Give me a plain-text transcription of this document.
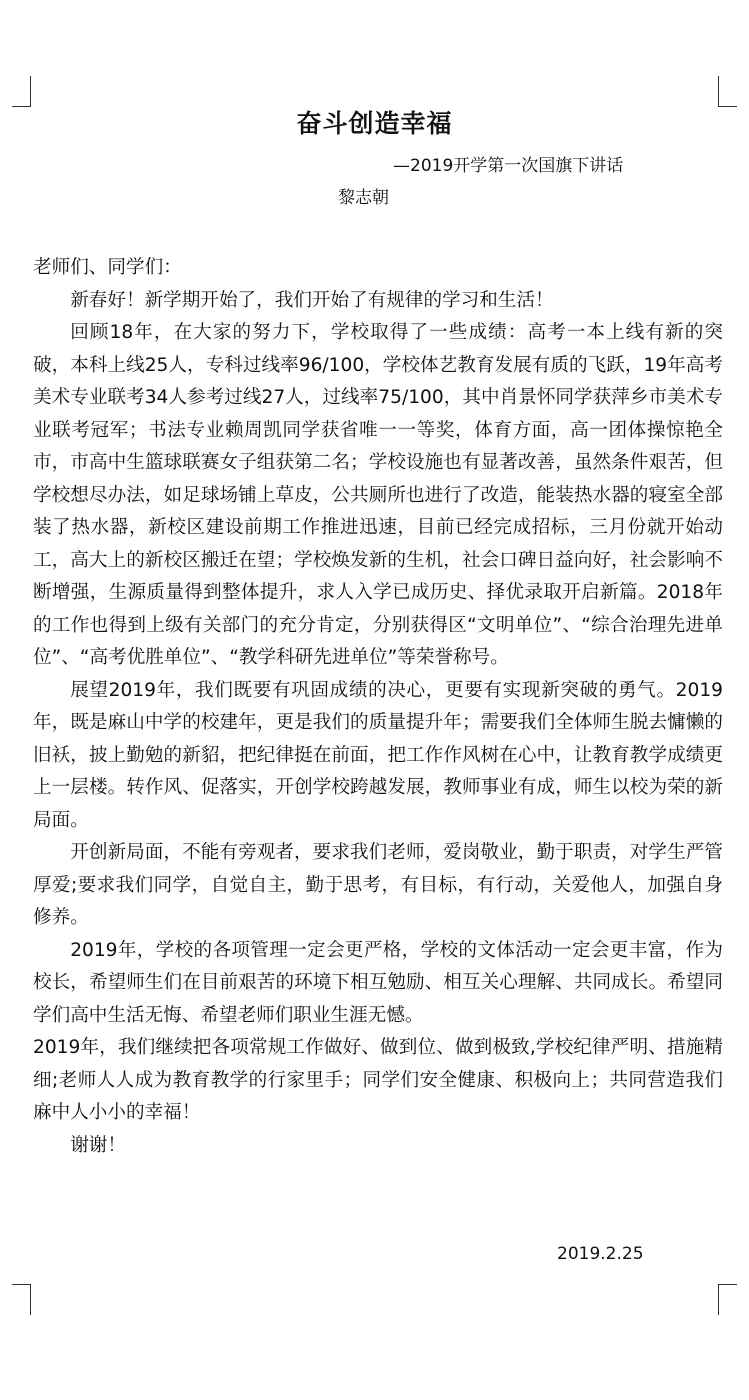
奋斗创造幸福
—2019开学第一次国旗下讲话
黎志朝

老师们、同学们：

新春好！新学期开始了，我们开始了有规律的学习和生活！

回顾18年，在大家的努力下，学校取得了一些成绩：高考一本上线有新的突破，本科上线25人，专科过线率96/100，学校体艺教育发展有质的飞跃，19年高考美术专业联考34人参考过线27人，过线率75/100，其中肖景怀同学获萍乡市美术专业联考冠军；书法专业赖周凯同学获省唯一一等奖，体育方面，高一团体操惊艳全市，市高中生篮球联赛女子组获第二名；学校设施也有显著改善，虽然条件艰苦，但学校想尽办法，如足球场铺上草皮，公共厕所也进行了改造，能装热水器的寝室全部装了热水器，新校区建设前期工作推进迅速，目前已经完成招标，三月份就开始动工，高大上的新校区搬迁在望；学校焕发新的生机，社会口碑日益向好，社会影响不断增强，生源质量得到整体提升，求人入学已成历史、择优录取开启新篇。2018年的工作也得到上级有关部门的充分肯定，分别获得区“文明单位”、“综合治理先进单位”、“高考优胜单位”、“教学科研先进单位”等荣誉称号。

展望2019年，我们既要有巩固成绩的决心，更要有实现新突破的勇气。2019年，既是麻山中学的校建年，更是我们的质量提升年；需要我们全体师生脱去慵懒的旧袄，披上勤勉的新貂，把纪律挺在前面，把工作作风树在心中，让教育教学成绩更上一层楼。转作风、促落实，开创学校跨越发展，教师事业有成，师生以校为荣的新局面。

开创新局面，不能有旁观者，要求我们老师，爱岗敬业，勤于职责，对学生严管厚爱;要求我们同学，自觉自主，勤于思考，有目标，有行动，关爱他人，加强自身修养。

2019年，学校的各项管理一定会更严格，学校的文体活动一定会更丰富，作为校长，希望师生们在目前艰苦的环境下相互勉励、相互关心理解、共同成长。希望同学们高中生活无悔、希望老师们职业生涯无憾。

2019年，我们继续把各项常规工作做好、做到位、做到极致,学校纪律严明、措施精细;老师人人成为教育教学的行家里手；同学们安全健康、积极向上；共同营造我们麻中人小小的幸福！

谢谢！

2019.2.25
